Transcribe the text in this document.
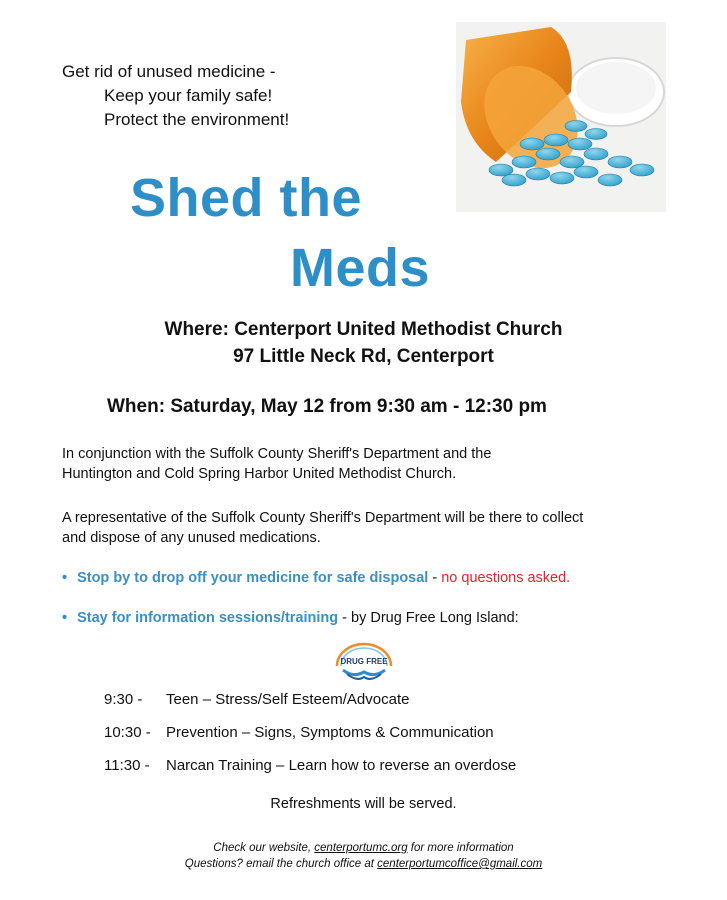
Get rid of unused medicine -
Keep your family safe!
Protect the environment!
Shed the
Meds
Where: Centerport United Methodist Church
97 Little Neck Rd, Centerport
When: Saturday, May 12 from 9:30 am - 12:30 pm
In conjunction with the Suffolk County Sheriff's Department and the
Huntington and Cold Spring Harbor United Methodist Church.
A representative of the Suffolk County Sheriff's Department will be there to collect
and dispose of any unused medications.
• Stop by to drop off your medicine for safe disposal - no questions asked.
• Stay for information sessions/training - by Drug Free Long Island:
DRUG FREE
9:30 - Teen – Stress/Self Esteem/Advocate
10:30 - Prevention – Signs, Symptoms & Communication
11:30 - Narcan Training – Learn how to reverse an overdose
Refreshments will be served.
Check our website, centerportumc.org for more information
Questions? email the church office at centerportumcoffice@gmail.com
